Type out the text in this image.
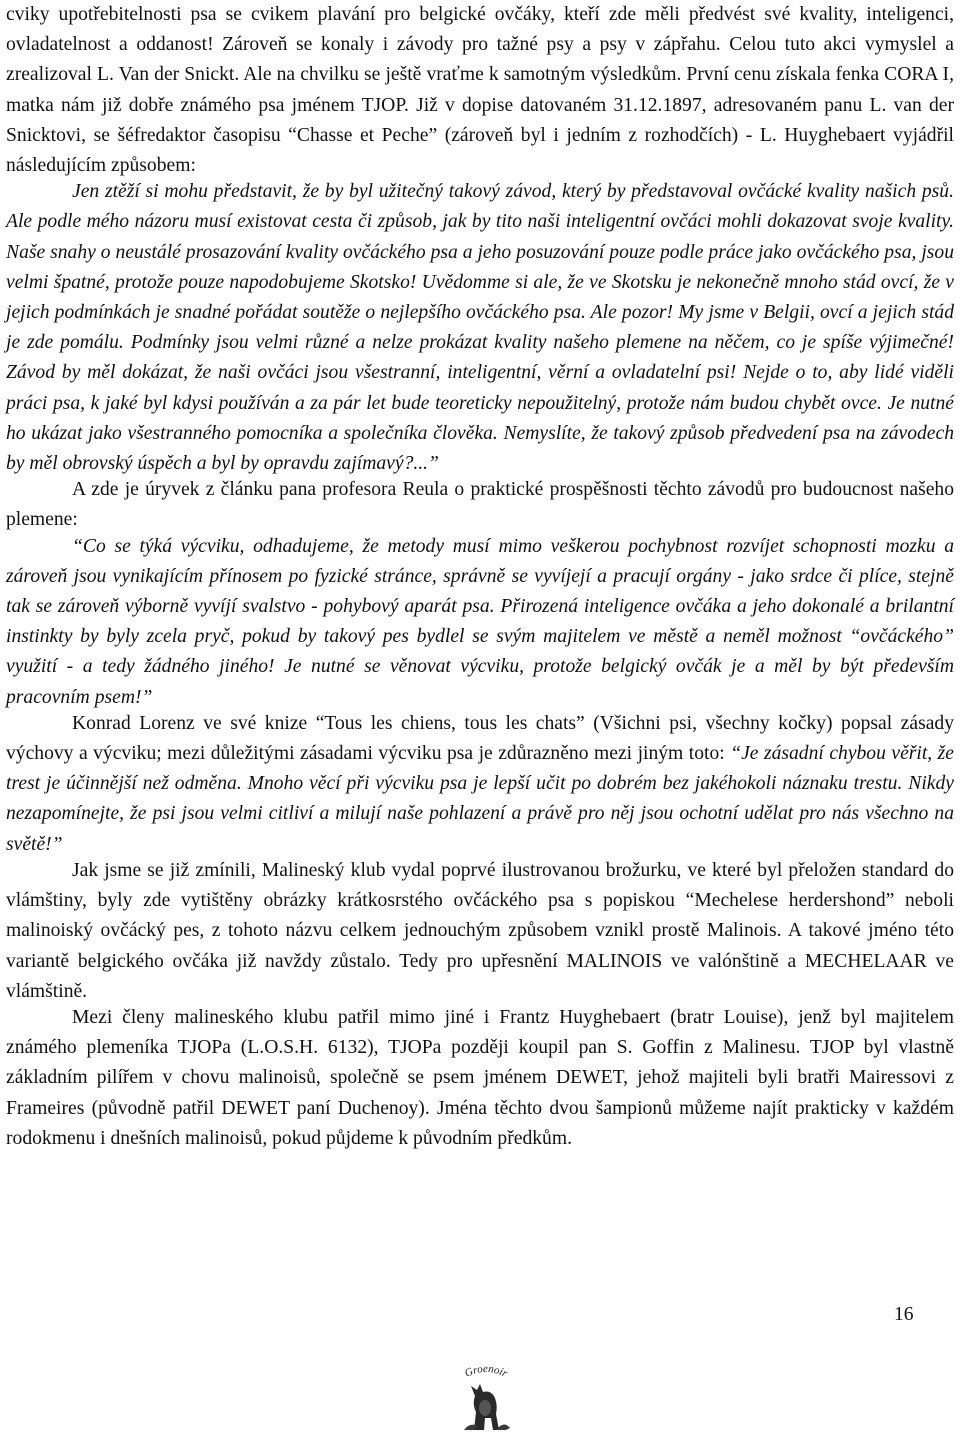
cviky upotřebitelnosti psa se cvikem plavání pro belgické ovčáky, kteří zde měli předvést své kvality, inteligenci, ovladatelnost a oddanost! Zároveň se konaly i závody pro tažné psy a psy v zápřahu. Celou tuto akci vymyslel a zrealizoval L. Van der Snickt. Ale na chvilku se ještě vraťme k samotným výsledkům. První cenu získala fenka CORA I, matka nám již dobře známého psa jménem TJOP. Již v dopise datovaném 31.12.1897, adresovaném panu L. van der Snicktovi, se šéfredaktor časopisu “Chasse et Peche” (zároveň byl i jedním z rozhodčích) - L. Huyghebaert vyjádřil následujícím způsobem:

Jen ztěží si mohu představit, že by byl užitečný takový závod, který by představoval ovčácké kvality našich psů. Ale podle mého názoru musí existovat cesta či způsob, jak by tito naši inteligentní ovčáci mohli dokazovat svoje kvality. Naše snahy o neustálé prosazování kvality ovčáckého psa a jeho posuzování pouze podle práce jako ovčáckého psa, jsou velmi špatné, protože pouze napodobujeme Skotsko! Uvědomme si ale, že ve Skotsku je nekonečně mnoho stád ovcí, že v jejich podmínkách je snadné pořádat soutěže o nejlepšího ovčáckého psa. Ale pozor! My jsme v Belgii, ovcí a jejich stád je zde pomálu. Podmínky jsou velmi různé a nelze prokázat kvality našeho plemene na něčem, co je spíše výjimečné! Závod by měl dokázat, že naši ovčáci jsou všestranní, inteligentní, věrní a ovladatelní psi! Nejde o to, aby lidé viděli práci psa, k jaké byl kdysi používán a za pár let bude teoreticky nepoužitelný, protože nám budou chybět ovce. Je nutné ho ukázat jako všestranného pomocníka a společníka člověka. Nemyslíte, že takový způsob předvedení psa na závodech by měl obrovský úspěch a byl by opravdu zajímavý?...”

A zde je úryvek z článku pana profesora Reula o praktické prospěšnosti těchto závodů pro budoucnost našeho plemene:

“Co se týká výcviku, odhadujeme, že metody musí mimo veškerou pochybnost rozvíjet schopnosti mozku a zároveň jsou vynikajícím přínosem po fyzické stránce, správně se vyvíjejí a pracují orgány - jako srdce či plíce, stejně tak se zároveň výborně vyvíjí svalstvo - pohybový aparát psa. Přirozená inteligence ovčáka a jeho dokonalé a brilantní instinkty by byly zcela pryč, pokud by takový pes bydlel se svým majitelem ve městě a neměl možnost “ovčáckého” využití - a tedy žádného jiného! Je nutné se věnovat výcviku, protože belgický ovčák je a měl by být především pracovním psem!”

Konrad Lorenz ve své knize “Tous les chiens, tous les chats” (Všichni psi, všechny kočky) popsal zásady výchovy a výcviku; mezi důležitými zásadami výcviku psa je zdůrazněno mezi jiným toto: “Je zásadní chybou věřit, že trest je účinnější než odměna. Mnoho věcí při výcviku psa je lepší učit po dobrém bez jakéhokoli náznaku trestu. Nikdy nezapomínejte, že psi jsou velmi citliví a milují naše pohlazení a právě pro něj jsou ochotní udělat pro nás všechno na světě!”

Jak jsme se již zmínili, Malineský klub vydal poprvé ilustrovanou brožurku, ve které byl přeložen standard do vlámštiny, byly zde vytištěny obrázky krátkosrstého ovčáckého psa s popiskou “Mechelese herdershond” neboli malinoiský ovčácký pes, z tohoto názvu celkem jednouchým způsobem vznikl prostě Malinois. A takové jméno této variantě belgického ovčáka již navždy zůstalo. Tedy pro upřesnění MALINOIS ve valónštině a MECHELAAR ve vlámštině.

Mezi členy malineského klubu patřil mimo jiné i Frantz Huyghebaert (bratr Louise), jenž byl majitelem známého plemeníka TJOPa (L.O.S.H. 6132), TJOPa později koupil pan S. Goffin z Malinesu. TJOP byl vlastně základním pilířem v chovu malinoisů, společně se psem jménem DEWET, jehož majiteli byli bratři Mairessovi z Frameires (původně patřil DEWET paní Duchenoy). Jména těchto dvou šampionů můžeme najít prakticky v každém rodokmenu i dnešních malinoisů, pokud půjdeme k původním předkům.

16
Groenoir
